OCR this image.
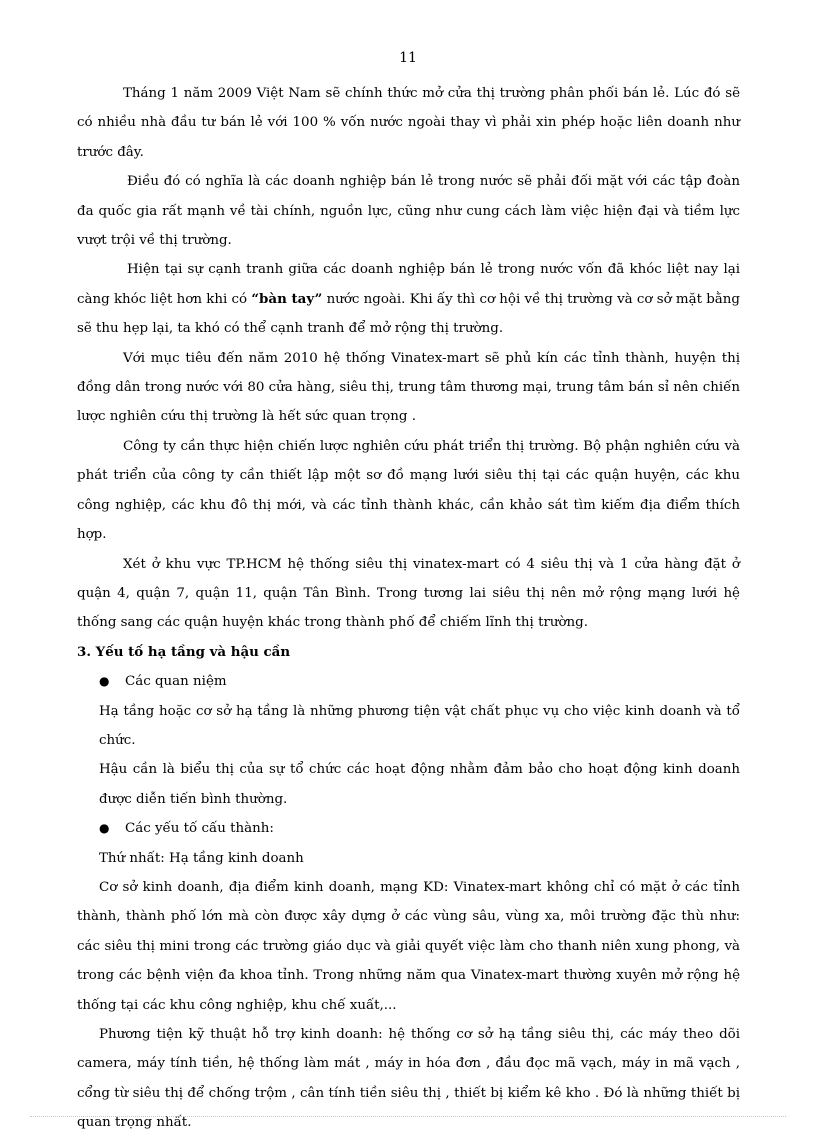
11

Tháng 1 năm 2009 Việt Nam sẽ chính thức mở cửa thị trường phân phối bán lẻ. Lúc đó sẽ có nhiều nhà đầu tư bán lẻ với 100 % vốn nước ngoài thay vì phải xin phép hoặc liên doanh như trước đây.

Điều đó có nghĩa là các doanh nghiệp bán lẻ trong nước sẽ phải đối mặt với các tập đoàn đa quốc gia rất mạnh về tài chính, nguồn lực, cũng như cung cách làm việc hiện đại và tiềm lực vượt trội về thị trường.

Hiện tại sự cạnh tranh giữa các doanh nghiệp bán lẻ trong nước vốn đã khóc liệt nay lại càng khóc liệt hơn khi có “bàn tay” nước ngoài. Khi ấy thì cơ hội về thị trường và cơ sở mặt bằng sẽ thu hẹp lại, ta khó có thể cạnh tranh để mở rộng thị trường.

Với mục tiêu đến năm 2010 hệ thống Vinatex-mart sẽ phủ kín các tỉnh thành, huyện thị đồng dân trong nước với 80 cửa hàng, siêu thị, trung tâm thương mại, trung tâm bán sỉ nên chiến lược nghiên cứu thị trường là hết sức quan trọng .

Công ty cần thực hiện chiến lược nghiên cứu phát triển thị trường. Bộ phận nghiên cứu và phát triển của công ty cần thiết lập một sơ đồ mạng lưới siêu thị tại các quận huyện, các khu công nghiệp, các khu đô thị mới, và các tỉnh thành khác, cần khảo sát tìm kiếm địa điểm thích hợp.

Xét ở khu vực TP.HCM hệ thống siêu thị vinatex-mart có 4 siêu thị và 1 cửa hàng đặt ở quận 4, quận 7, quận 11, quận Tân Bình. Trong tương lai siêu thị nên mở rộng mạng lưới hệ thống sang các quận huyện khác trong thành phố để chiếm lĩnh thị trường.

3. Yếu tố hạ tầng và hậu cần

● Các quan niệm

Hạ tầng hoặc cơ sở hạ tầng là những phương tiện vật chất phục vụ cho việc kinh doanh và tổ chức.

Hậu cần là biểu thị của sự tổ chức các hoạt động nhằm đảm bảo cho hoạt động kinh doanh được diễn tiến bình thường.

● Các yếu tố cấu thành:

Thứ nhất: Hạ tầng kinh doanh

Cơ sở kinh doanh, địa điểm kinh doanh, mạng KD: Vinatex-mart không chỉ có mặt ở các tỉnh thành, thành phố lớn mà còn được xây dựng ở các vùng sâu, vùng xa, môi trường đặc thù như: các siêu thị mini trong các trường giáo dục và giải quyết việc làm cho thanh niên xung phong, và trong các bệnh viện đa khoa tỉnh. Trong những năm qua Vinatex-mart thường xuyên mở rộng hệ thống tại các khu công nghiệp, khu chế xuất,...

Phương tiện kỹ thuật hỗ trợ kinh doanh: hệ thống cơ sở hạ tầng siêu thị, các máy theo dõi camera, máy tính tiền, hệ thống làm mát , máy in hóa đơn , đầu đọc mã vạch, máy in mã vạch , cổng từ siêu thị để chống trộm , cân tính tiền siêu thị , thiết bị kiểm kê kho . Đó là những thiết bị quan trọng nhất.
